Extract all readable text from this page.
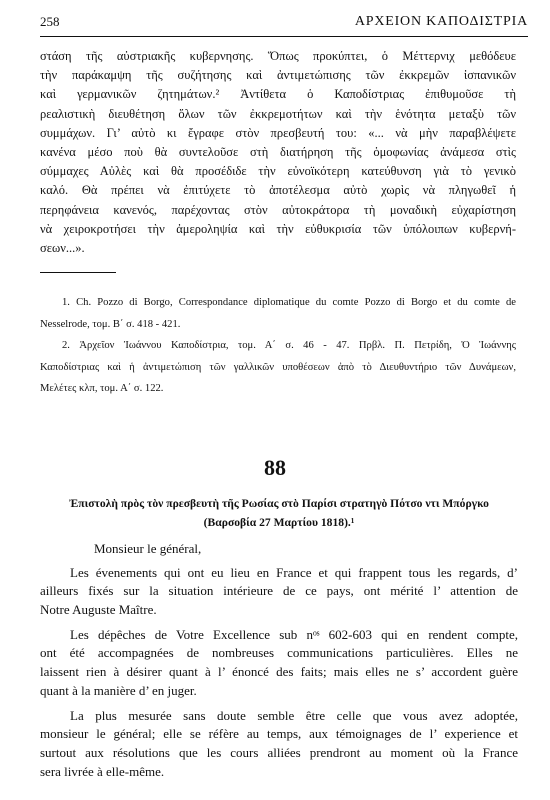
258	ΑΡΧΕΙΟΝ ΚΑΠΟΔΙΣΤΡΙΑ
στάση τῆς αὐστριακῆς κυβερνησης. Ὅπως προκύπτει, ὁ Μέττερνιχ μεθόδευε
τὴν παράκαμψη τῆς συζήτησης καὶ ἀντιμετώπισης τῶν ἐκκρεμῶν ἰσπανικῶν
καὶ γερμανικῶν ζητημάτων.² Ἀντίθετα ὁ Καποδίστριας ἐπιθυμοῦσε τὴ
ρεαλιστικὴ διευθέτηση ὅλων τῶν ἐκκρεμοτήτων καὶ τὴν ἑνότητα μεταξὺ τῶν
συμμάχων. Γι’ αὐτὸ κι ἔγραφε στὸν πρεσβευτή του: «... νὰ μὴν παραβλέψετε
κανένα μέσο ποὺ θὰ συντελοῦσε στὴ διατήρηση τῆς ὁμοφωνίας ἀνάμεσα στὶς
σύμμαχες Αὐλὲς καὶ θὰ προσέδιδε τὴν εὐνοϊκότερη κατεύθυνση γιὰ τὸ γενικὸ
καλό. Θὰ πρέπει νὰ ἐπιτύχετε τὸ ἀποτέλεσμα αὐτὸ χωρὶς νὰ πληγωθεῖ ἡ
περηφάνεια κανενός, παρέχοντας στὸν αὐτοκράτορα τὴ μοναδικὴ εὐχαρίστηση
νὰ χειροκροτήσει τὴν ἀμεροληψία καὶ τὴν εὐθυκρισία τῶν ὑπόλοιπων κυβερνή-
σεων...».
1. Ch. Pozzo di Borgo, Correspondance diplomatique du comte Pozzo di Borgo et du comte de
Nesselrode, τομ. Β΄ σ. 418 - 421.
2. Ἀρχεῖον Ἰωάννου Καποδίστρια, τομ. Α΄ σ. 46 - 47. Πρβλ. Π. Πετρίδη, Ὁ Ἰωάννης
Καποδίστριας καὶ ἡ ἀντιμετώπιση τῶν γαλλικῶν υποθέσεων ἀπὸ τὸ Διευθυντήριο τῶν Δυνάμεων,
Μελέτες κλπ, τομ. Α΄ σ. 122.
88
Ἐπιστολὴ πρὸς τὸν πρεσβευτὴ τῆς Ρωσίας στὸ Παρίσι στρατηγὸ Πότσο ντι Μπόργκο
(Βαρσοβία 27 Μαρτίου 1818).¹
Monsieur le général,
Les évenements qui ont eu lieu en France et qui frappent tous les regards, d’
ailleurs fixés sur la situation intérieure de ce pays, ont mérité l’ attention de
Notre Auguste Maître.
Les dépêches de Votre Excellence sub nᵒˢ 602-603 qui en rendent compte,
ont été accompagnées de nombreuses communications particulières. Elles ne
laissent rien à désirer quant à l’ énoncé des faits; mais elles ne s’ accordent guère
quant à la manière d’ en juger.
La plus mesurée sans doute semble être celle que vous avez adoptée,
monsieur le général; elle se réfère au temps, aux témoignages de l’ experience et
surtout aux résolutions que les cours alliées prendront au moment où la France
sera livrée à elle-même.
